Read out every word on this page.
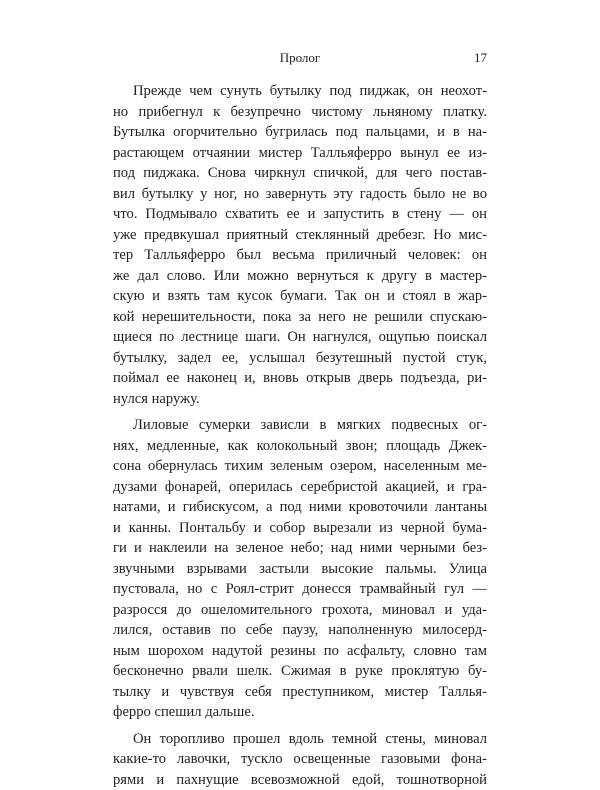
Пролог	17
Прежде чем сунуть бутылку под пиджак, он неохот-
но прибегнул к безупречно чистому льняному платку.
Бутылка огорчительно бугрилась под пальцами, и в на-
растающем отчаянии мистер Талльяферро вынул ее из-
под пиджака. Снова чиркнул спичкой, для чего постав-
вил бутылку у ног, но завернуть эту гадость было не во
что. Подмывало схватить ее и запустить в стену — он
уже предвкушал приятный стеклянный дребезг. Но мис-
тер Талльяферро был весьма приличный человек: он
же дал слово. Или можно вернуться к другу в мастер-
скую и взять там кусок бумаги. Так он и стоял в жар-
кой нерешительности, пока за него не решили спускаю-
щиеся по лестнице шаги. Он нагнулся, ощупью поискал
бутылку, задел ее, услышал безутешный пустой стук,
поймал ее наконец и, вновь открыв дверь подъезда, ри-
нулся наружу.
Лиловые сумерки зависли в мягких подвесных ог-
нях, медленные, как колокольный звон; площадь Джек-
сона обернулась тихим зеленым озером, населенным ме-
дузами фонарей, оперилась серебристой акацией, и гра-
натами, и гибискусом, а под ними кровоточили лантаны
и канны. Понтальбу и собор вырезали из черной бума-
ги и наклеили на зеленое небо; над ними черными без-
звучными взрывами застыли высокие пальмы. Улица
пустовала, но с Роял-стрит донесся трамвайный гул —
разросся до ошеломительного грохота, миновал и уда-
лился, оставив по себе паузу, наполненную милосерд-
ным шорохом надутой резины по асфальту, словно там
бесконечно рвали шелк. Сжимая в руке проклятую бу-
тылку и чувствуя себя преступником, мистер Таллья-
ферро спешил дальше.
Он торопливо прошел вдоль темной стены, миновал
какие-то лавочки, тускло освещенные газовыми фона-
рями и пахнущие всевозможной едой, тошнотворной
